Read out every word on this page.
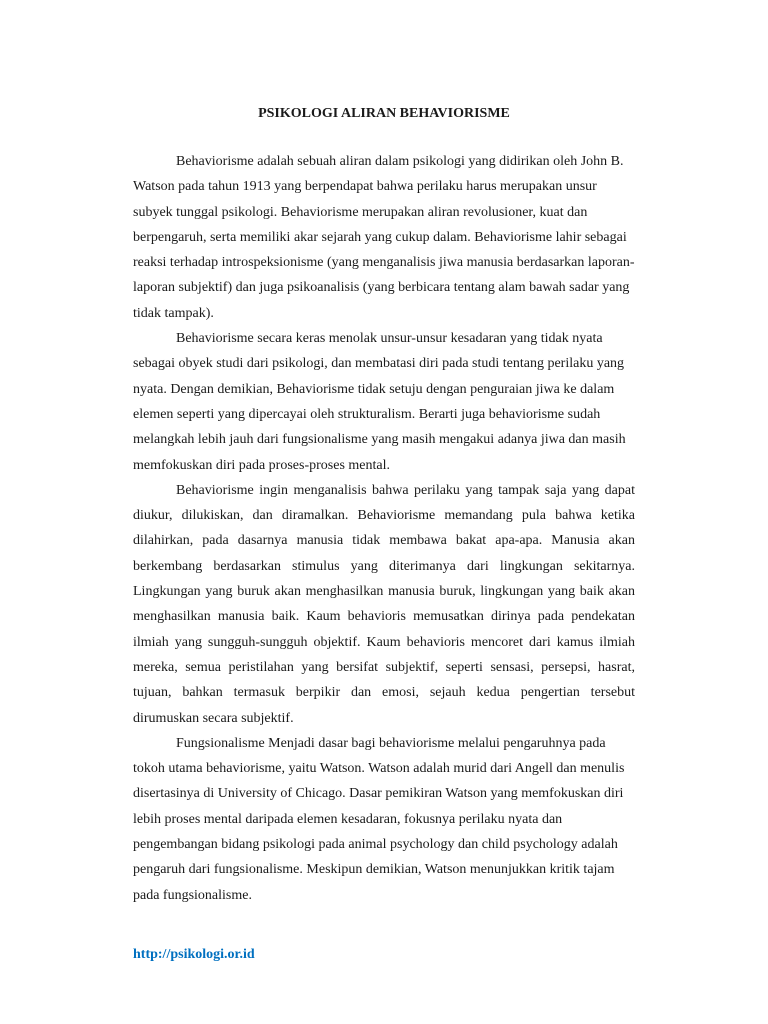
PSIKOLOGI ALIRAN BEHAVIORISME

Behaviorisme adalah sebuah aliran dalam psikologi yang didirikan oleh John B. Watson pada tahun 1913 yang berpendapat bahwa perilaku harus merupakan unsur subyek tunggal psikologi. Behaviorisme merupakan aliran revolusioner, kuat dan berpengaruh, serta memiliki akar sejarah yang cukup dalam. Behaviorisme lahir sebagai reaksi terhadap introspeksionisme (yang menganalisis jiwa manusia berdasarkan laporan-laporan subjektif) dan juga psikoanalisis (yang berbicara tentang alam bawah sadar yang tidak tampak).

Behaviorisme secara keras menolak unsur-unsur kesadaran yang tidak nyata sebagai obyek studi dari psikologi, dan membatasi diri pada studi tentang perilaku yang nyata. Dengan demikian, Behaviorisme tidak setuju dengan penguraian jiwa ke dalam elemen seperti yang dipercayai oleh strukturalism. Berarti juga behaviorisme sudah melangkah lebih jauh dari fungsionalisme yang masih mengakui adanya jiwa dan masih memfokuskan diri pada proses-proses mental.

Behaviorisme ingin menganalisis bahwa perilaku yang tampak saja yang dapat diukur, dilukiskan, dan diramalkan. Behaviorisme memandang pula bahwa ketika dilahirkan, pada dasarnya manusia tidak membawa bakat apa-apa. Manusia akan berkembang berdasarkan stimulus yang diterimanya dari lingkungan sekitarnya. Lingkungan yang buruk akan menghasilkan manusia buruk, lingkungan yang baik akan menghasilkan manusia baik. Kaum behavioris memusatkan dirinya pada pendekatan ilmiah yang sungguh-sungguh objektif. Kaum behavioris mencoret dari kamus ilmiah mereka, semua peristilahan yang bersifat subjektif, seperti sensasi, persepsi, hasrat, tujuan, bahkan termasuk berpikir dan emosi, sejauh kedua pengertian tersebut dirumuskan secara subjektif.

Fungsionalisme Menjadi dasar bagi behaviorisme melalui pengaruhnya pada tokoh utama behaviorisme, yaitu Watson. Watson adalah murid dari Angell dan menulis disertasinya di University of Chicago. Dasar pemikiran Watson yang memfokuskan diri lebih proses mental daripada elemen kesadaran, fokusnya perilaku nyata dan pengembangan bidang psikologi pada animal psychology dan child psychology adalah pengaruh dari fungsionalisme. Meskipun demikian, Watson menunjukkan kritik tajam pada fungsionalisme.

http://psikologi.or.id
